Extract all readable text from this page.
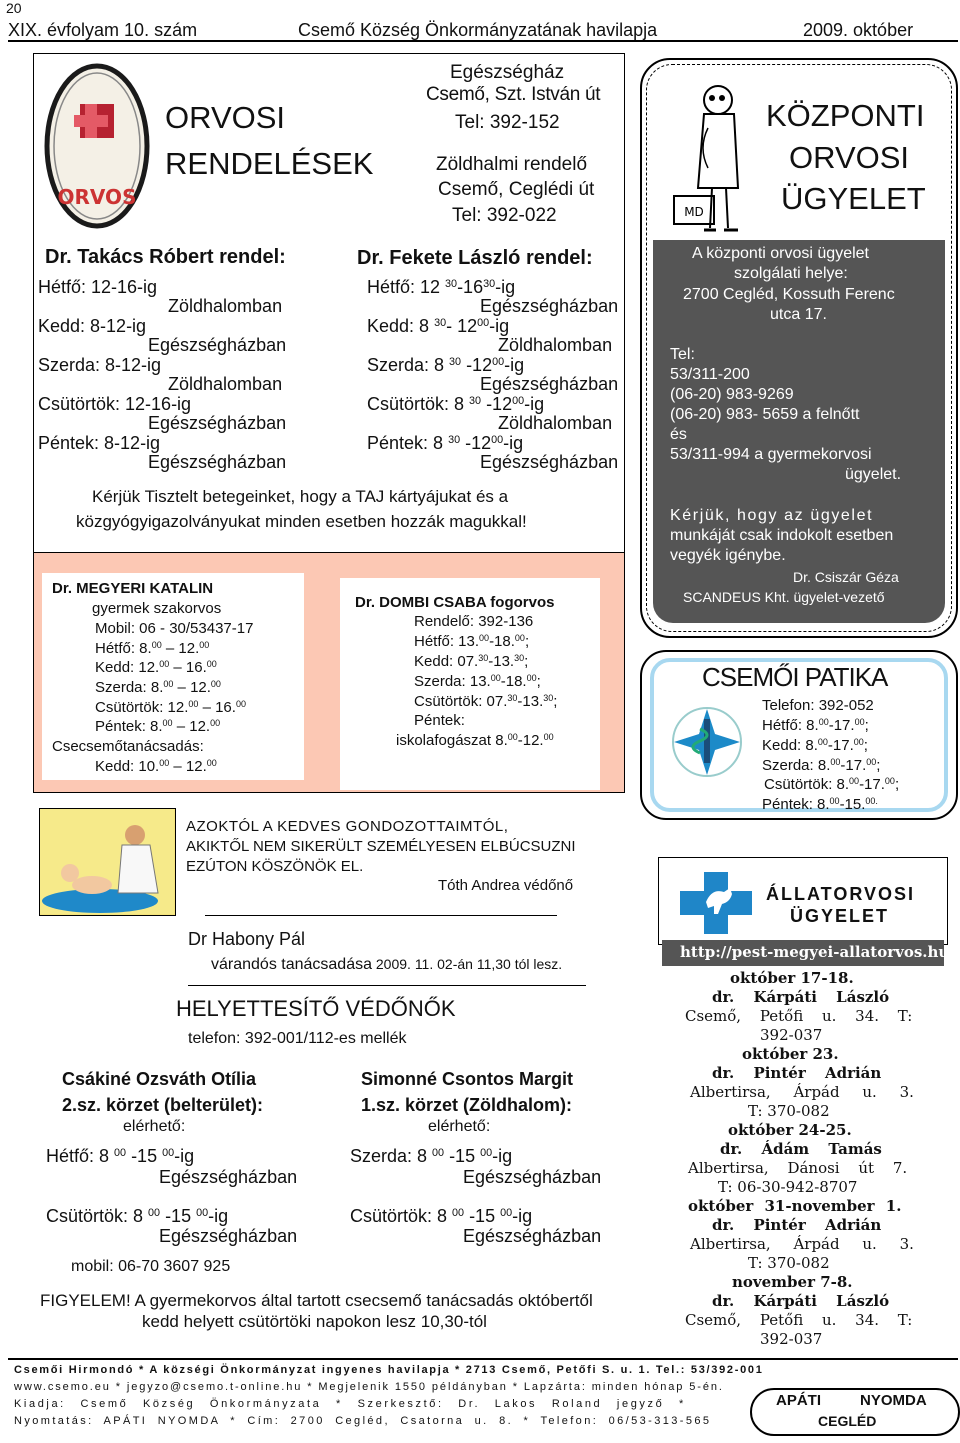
20
XIX. évfolyam 10. szám	Csemő Község Önkormányzatának havilapja	2009. október
ORVOS
ORVOSI
RENDELÉSEK
Egészségház
Csemő, Szt. István út
Tel: 392-152
Zöldhalmi rendelő
Csemő, Ceglédi út
Tel: 392-022
Dr. Takács Róbert rendel:
Hétfő: 12-16-ig
Zöldhalomban
Kedd: 8-12-ig
Egészségházban
Szerda: 8-12-ig
Zöldhalomban
Csütörtök: 12-16-ig
Egészségházban
Péntek: 8-12-ig
Egészségházban
Dr. Fekete László rendel:
Hétfő: 12 $^{30}-16^{30}-ig$
Egészségházban
Kedd: 8 $^{30}$- $12^{00}-ig$
Zöldhalomban
Szerda: 8 $^{30}$ $-12^{00}-ig$
Egészségházban
Csütörtök: 8 $^{30}$ $-12^{00}-ig$
Zöldhalomban
Péntek: 8 $^{30}$ $-12^{00}-ig$
Egészségházban
Kérjük Tisztelt betegeinket, hogy a TAJ kártyájukat és a
közgyógyigazolványukat minden esetben hozzák magukkal!
Dr. MEGYERI KATALIN
gyermek szakorvos
Mobil: 06 - 30/53437-17
Hétfő: 8.00 – 12.00
Kedd: 12.00 – 16.00
Szerda: 8.00 – 12.00
Csütörtök: 12.00 – 16.00
Péntek: 8.00 – 12.00
Csecsemőtanácsadás:
Kedd: 10.00 – 12.00
Dr. DOMBI CSABA fogorvos
Rendelő: 392-136
Hétfő: 13.00-18.00;
Kedd: 07.30-13.30;
Szerda: 13.00-18.00;
Csütörtök: 07.30-13.30;
Péntek:
iskolafogászat 8.00-12.00
MD
KÖZPONTI
ORVOSI
ÜGYELET
A központi orvosi ügyelet
szolgálati helye:
2700 Cegléd, Kossuth Ferenc
utca 17.
Tel:
53/311-200
(06-20) 983-9269
(06-20) 983- 5659 a felnőtt
és
53/311-994 a gyermekorvosi
ügyelet.
Kérjük, hogy az ügyelet
munkáját csak indokolt esetben
vegyék igénybe.
Dr. Csiszár Géza
SCANDEUS Kht. ügyelet-vezető
CSEMŐI PATIKA
Telefon: 392-052
Hétfő: 8.00-17.00;
Kedd: 8.00-17.00;
Szerda: 8.00-17.00;
Csütörtök: 8.00-17.00;
Péntek: 8.00-15.$^{00.}$
AZOKTÓL A KEDVES GONDOZOTTAIMTÓL,
AKIKTŐL NEM SIKERÜLT SZEMÉLYESEN ELBÚCSUZNI
EZÚTON KÖSZÖNÖK EL.
Tóth Andrea védőnő
Dr Habony Pál
várandós tanácsadása 2009. 11. 02-án 11,30 tól lesz.
HELYETTESÍTŐ VÉDŐNŐK
telefon: 392-001/112-es mellék
Csákiné Ozsváth Otília
2.sz. körzet (belterület):
elérhető:
Hétfő: 8 $^{00}$ -15 $^{00}$-ig
Egészségházban
Csütörtök: 8 $^{00}$ -15 $^{00}$-ig
Egészségházban
mobil: 06-70 3607 925
Simonné Csontos Margit
1.sz. körzet (Zöldhalom):
elérhető:
Szerda: 8 $^{00}$ -15 $^{00}$-ig
Egészségházban
Csütörtök: 8 $^{00}$ -15 $^{00}$-ig
Egészségházban
FIGYELEM! A gyermekorvos által tartott csecsemő tanácsadás októbertől
kedd helyett csütörtöki napokon lesz 10,30-tól
ÁLLATORVOSI
ÜGYELET
http://pest-megyei-allatorvos.hu
október 17-18.
dr. Kárpáti László
Csemő, Petőfi u. 34. T:
392-037
október 23.
dr. Pintér Adrián
Albertirsa, Árpád u. 3.
T: 370-082
október 24-25.
dr. Ádám Tamás
Albertirsa, Dánosi út 7.
T: 06-30-942-8707
október 31-november 1.
dr. Pintér Adrián
Albertirsa, Árpád u. 3.
T: 370-082
november 7-8.
dr. Kárpáti László
Csemő, Petőfi u. 34. T:
392-037
Csemői Hirmondó * A községi Önkormányzat ingyenes havilapja * 2713 Csemő, Petőfi S. u. 1. Tel.: 53/392-001
www.csemo.eu * jegyzo@csemo.t-online.hu * Megjelenik 1550 példányban * Lapzárta: minden hónap 5-én.
Kiadja: Csemő Község Önkormányzata * Szerkesztő: Dr. Lakos Roland jegyző *
Nyomtatás: APÁTI NYOMDA * Cím: 2700 Cegléd, Csatorna u. 8. * Telefon: 06/53-313-565
APÁTI	NYOMDA
CEGLÉD
